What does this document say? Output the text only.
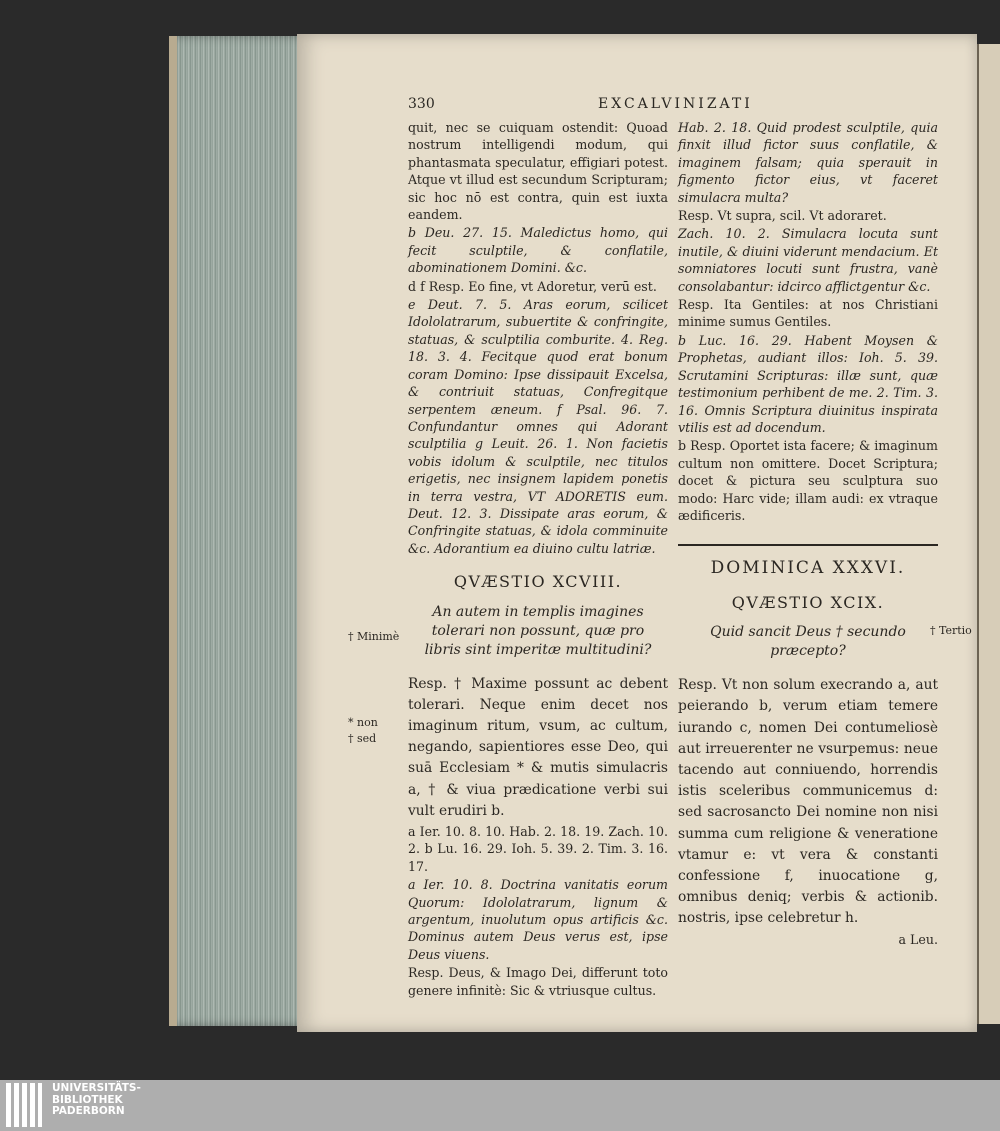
330	EXCALVINIZATI

quit, nec se cuiquam ostendit: Quoad nostrum intelligendi modum, qui phantasmata speculatur, effigiari potest. Atque vt illud est secundum Scripturam; sic hoc nō est contra, quin est iuxta eandem.

b Deu. 27. 15. Maledictus homo, qui fecit sculptile, & conflatile, abominationem Domini. &c.

d f Resp. Eo fine, vt Adoretur, verū est.

e Deut. 7. 5. Aras eorum, scilicet Idololatrarum, subuertite & confringite, statuas, & sculptilia comburite. 4. Reg. 18. 3. 4. Fecitque quod erat bonum coram Domino: Ipse dissipauit Excelsa, & contriuit statuas, Confregitque serpentem æneum. f Psal. 96. 7. Confundantur omnes qui Adorant sculptilia g Leuit. 26. 1. Non facietis vobis idolum & sculptile, nec titulos erigetis, nec insignem lapidem ponetis in terra vestra, VT ADORETIS eum. Deut. 12. 3. Dissipate aras eorum, & Confringite statuas, & idola comminuite &c. Adorantium ea diuino cultu latriæ.

QVÆSTIO XCVIII.
An autem in templis imagines tolerari non possunt, quæ pro libris sint imperitæ multitudini?

Resp. † Maxime possunt ac debent tolerari. Neque enim decet nos imaginum ritum, vsum, ac cultum, negando, sapientiores esse Deo, qui suā Ecclesiam * & mutis simulacris a, † & viua prædicatione verbi sui vult erudiri b.

a Ier. 10. 8. 10. Hab. 2. 18. 19. Zach. 10. 2. b Lu. 16. 29. Ioh. 5. 39. 2. Tim. 3. 16. 17.

a Ier. 10. 8. Doctrina vanitatis eorum Quorum: Idololatrarum, lignum & argentum, inuolutum opus artificis &c. Dominus autem Deus verus est, ipse Deus viuens.

Resp. Deus, & Imago Dei, differunt toto genere infinitè: Sic & vtriusque cultus.

Hab. 2. 18. Quid prodest sculptile, quia finxit illud fictor suus conflatile, & imaginem falsam; quia sperauit in figmento fictor eius, vt faceret simulacra multa?

Resp. Vt supra, scil. Vt adoraret.

Zach. 10. 2. Simulacra locuta sunt inutile, & diuini viderunt mendacium. Et somniatores locuti sunt frustra, vanè consolabantur: idcirco afflictgentur &c.

Resp. Ita Gentiles: at nos Christiani minime sumus Gentiles.

b Luc. 16. 29. Habent Moysen & Prophetas, audiant illos: Ioh. 5. 39. Scrutamini Scripturas: illæ sunt, quæ testimonium perhibent de me. 2. Tim. 3. 16. Omnis Scriptura diuinitus inspirata vtilis est ad docendum.

b Resp. Oportet ista facere; & imaginum cultum non omittere. Docet Scriptura; docet & pictura seu sculptura suo modo: Harc vide; illam audi: ex vtraque ædificeris.

DOMINICA XXXVI.
QVÆSTIO XCIX.
Quid sancit Deus † secundo præcepto?

Resp. Vt non solum execrando a, aut peierando b, verum etiam temere iurando c, nomen Dei contumeliosè aut irreuerenter ne vsurpemus: neue tacendo aut conniuendo, horrendis istis sceleribus communicemus d: sed sacrosancto Dei nomine non nisi summa cum religione & veneratione vtamur e: vt vera & constanti confessione f, inuocatione g, omnibus deniq; verbis & actionib. nostris, ipse celebretur h.

a Leu.

† Minimè
* non
† sed
† Tertio
UNIVERSITÄTS-
BIBLIOTHEK
PADERBORN
